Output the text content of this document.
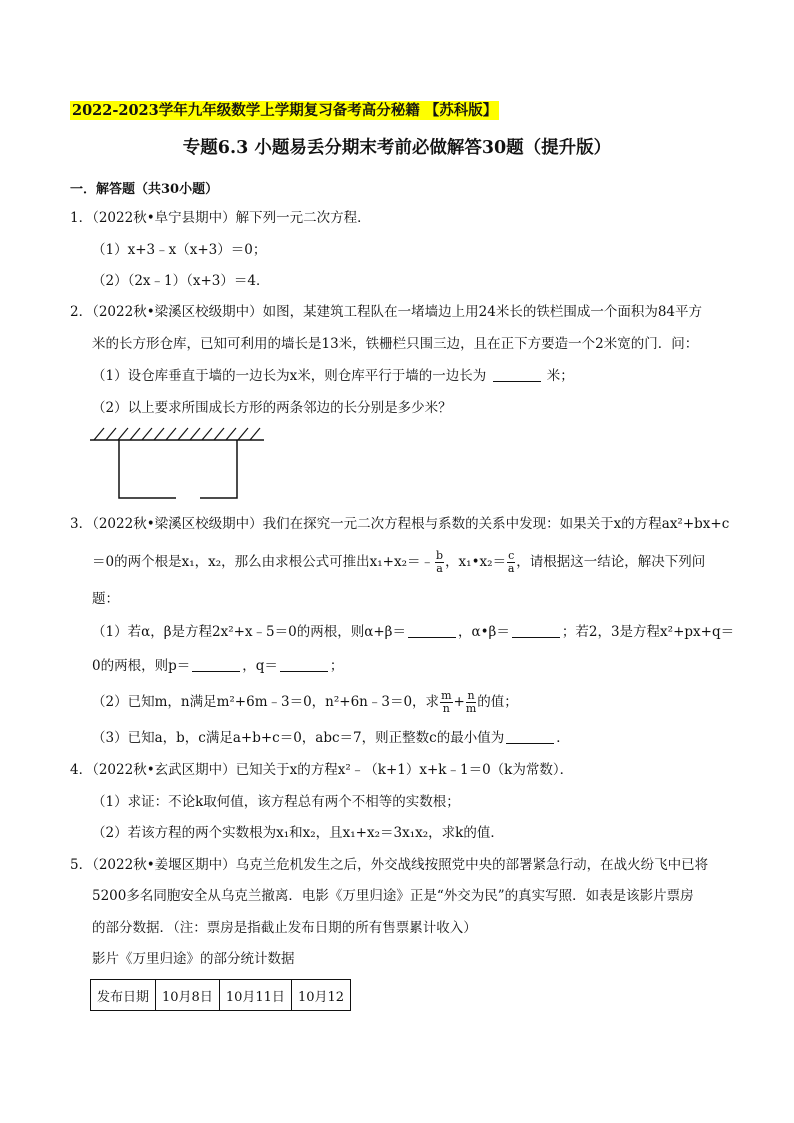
2022-2023学年九年级数学上学期复习备考高分秘籍 【苏科版】
专题6.3 小题易丢分期末考前必做解答30题（提升版）
一．解答题（共30小题）
1．（2022秋•阜宁县期中）解下列一元二次方程．
（1）x+3﹣x（x+3）＝0；
（2）（2x﹣1）（x+3）＝4．
2．（2022秋•梁溪区校级期中）如图，某建筑工程队在一堵墙边上用24米长的铁栏围成一个面积为84平方
米的长方形仓库，已知可利用的墙长是13米，铁栅栏只围三边，且在正下方要造一个2米宽的门．问：
（1）设仓库垂直于墙的一边长为x米，则仓库平行于墙的一边长为	米；
（2）以上要求所围成长方形的两条邻边的长分别是多少米？
3．（2022秋•梁溪区校级期中）我们在探究一元二次方程根与系数的关系中发现：如果关于x的方程ax²+bx+c
＝0的两个根是x₁，x₂，那么由求根公式可推出x₁+x₂＝﹣ $\frac{b}{a}$ ，x₁•x₂＝ $\frac{c}{a}$ ，请根据这一结论，解决下列问
题：
（1）若α，β是方程2x²+x﹣5＝0的两根，则α+β＝	，α•β＝	；若2，3是方程x²+px+q＝
0的两根，则p＝	，q＝	；
（2）已知m，n满足m²+6m﹣3＝0，n²+6n﹣3＝0，求 $\frac{m}{n} + \frac{n}{m}$ 的值；
（3）已知a，b，c满足a+b+c＝0，abc＝7，则正整数c的最小值为	．
4．（2022秋•玄武区期中）已知关于x的方程x²﹣（k+1）x+k﹣1＝0（k为常数）．
（1）求证：不论k取何值，该方程总有两个不相等的实数根；
（2）若该方程的两个实数根为x₁和x₂，且x₁+x₂＝3x₁x₂，求k的值．
5．（2022秋•姜堰区期中）乌克兰危机发生之后，外交战线按照党中央的部署紧急行动，在战火纷飞中已将
5200多名同胞安全从乌克兰撤离．电影《万里归途》正是“外交为民”的真实写照．如表是该影片票房
的部分数据．（注：票房是指截止发布日期的所有售票累计收入）
影片《万里归途》的部分统计数据
发布日期	10月8日	10月11日	10月12
